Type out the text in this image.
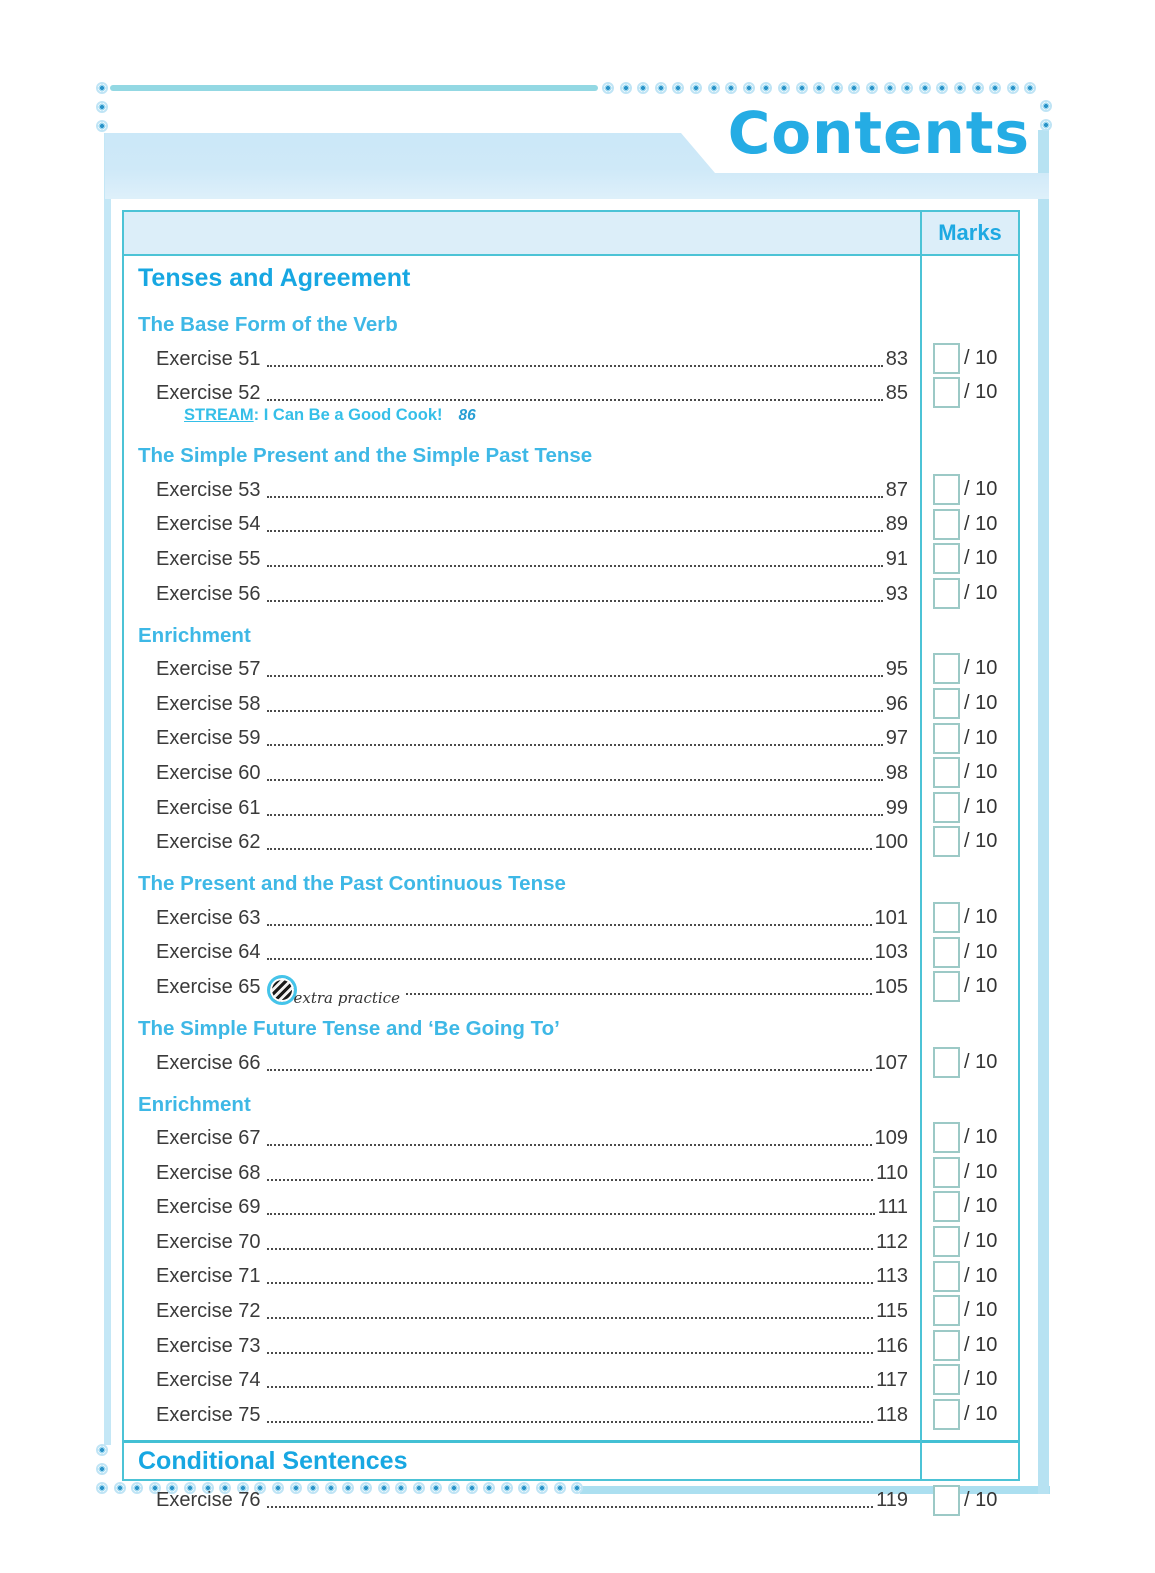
Contents
Marks
Tenses and Agreement
The Base Form of the Verb
Exercise 51	83	/ 10
Exercise 52	85	/ 10
STREAM: I Can Be a Good Cook! 86
The Simple Present and the Simple Past Tense
Exercise 53	87	/ 10
Exercise 54	89	/ 10
Exercise 55	91	/ 10
Exercise 56	93	/ 10
Enrichment
Exercise 57	95	/ 10
Exercise 58	96	/ 10
Exercise 59	97	/ 10
Exercise 60	98	/ 10
Exercise 61	99	/ 10
Exercise 62	100	/ 10
The Present and the Past Continuous Tense
Exercise 63	101	/ 10
Exercise 64	103	/ 10
Exercise 65 extra practice	105	/ 10
The Simple Future Tense and ‘Be Going To’
Exercise 66	107	/ 10
Enrichment
Exercise 67	109	/ 10
Exercise 68	110	/ 10
Exercise 69	111	/ 10
Exercise 70	112	/ 10
Exercise 71	113	/ 10
Exercise 72	115	/ 10
Exercise 73	116	/ 10
Exercise 74	117	/ 10
Exercise 75	118	/ 10
Conditional Sentences
Exercise 76	119	/ 10
